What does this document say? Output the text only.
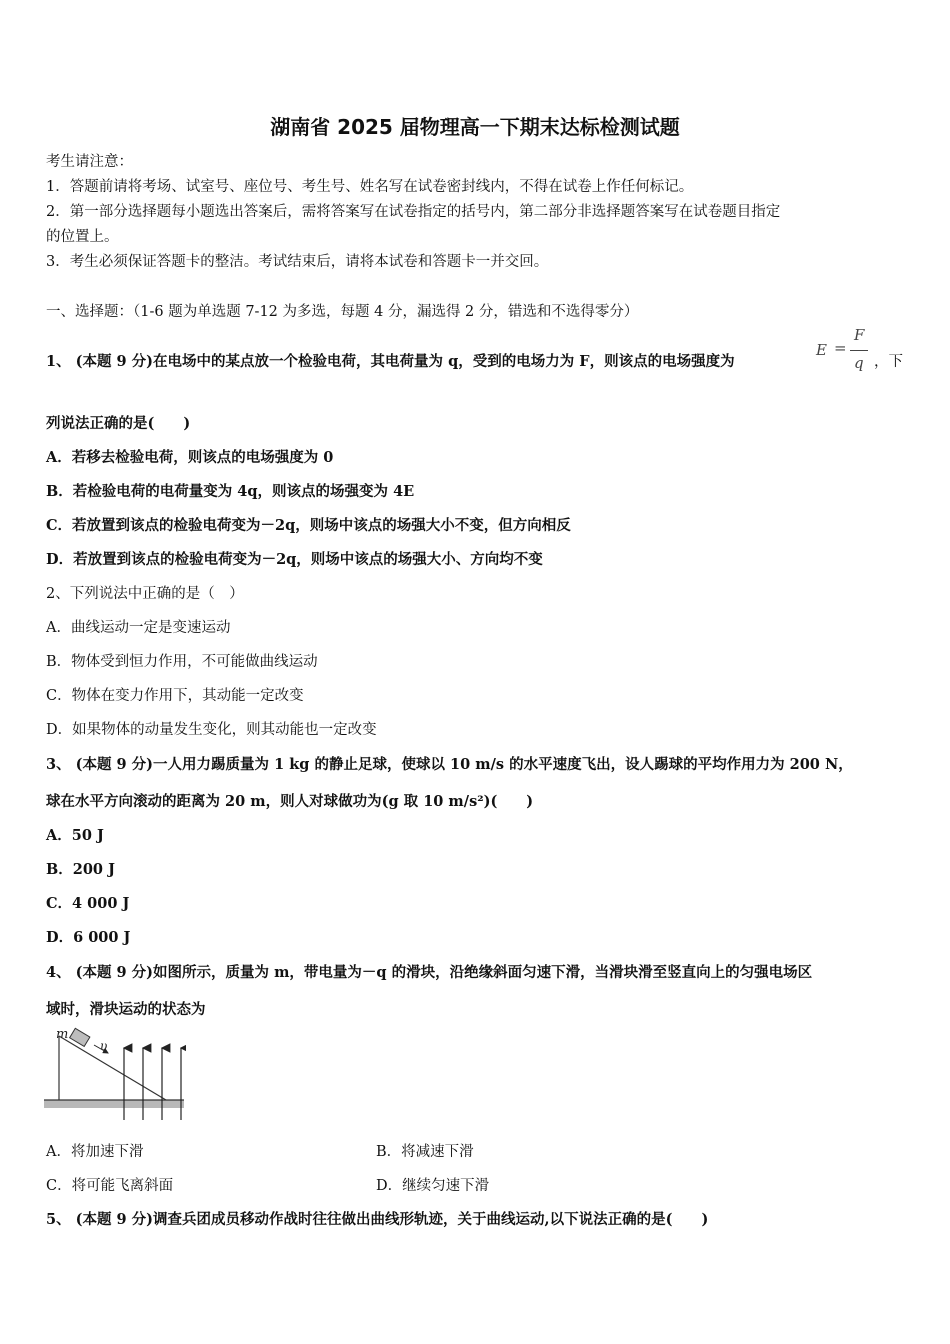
湖南省 2025 届物理高一下期末达标检测试题
考生请注意：
1．答题前请将考场、试室号、座位号、考生号、姓名写在试卷密封线内，不得在试卷上作任何标记。
2．第一部分选择题每小题选出答案后，需将答案写在试卷指定的括号内，第二部分非选择题答案写在试卷题目指定
的位置上。
3．考生必须保证答题卡的整洁。考试结束后，请将本试卷和答题卡一并交回。
一、选择题：（1-6 题为单选题 7-12 为多选，每题 4 分，漏选得 2 分，错选和不选得零分）
1、 (本题 9 分)在电场中的某点放一个检验电荷，其电荷量为 q，受到的电场力为 F，则该点的电场强度为
E =
F
q ，下
列说法正确的是(　　)
A．若移去检验电荷，则该点的电场强度为 0
B．若检验电荷的电荷量变为 4q，则该点的场强变为 4E
C．若放置到该点的检验电荷变为－2q，则场中该点的场强大小不变，但方向相反
D．若放置到该点的检验电荷变为－2q，则场中该点的场强大小、方向均不变
2、下列说法中正确的是（　）
A．曲线运动一定是变速运动
B．物体受到恒力作用，不可能做曲线运动
C．物体在变力作用下，其动能一定改变
D．如果物体的动量发生变化，则其动能也一定改变
3、 (本题 9 分)一人用力踢质量为 1 kg 的静止足球，使球以 10 m/s 的水平速度飞出，设人踢球的平均作用力为 200 N，
球在水平方向滚动的距离为 20 m，则人对球做功为(g 取 10 m/s²)(　　)
A．50 J
B．200 J
C．4 000 J
D．6 000 J
4、 (本题 9 分)如图所示，质量为 m，带电量为－q 的滑块，沿绝缘斜面匀速下滑，当滑块滑至竖直向上的匀强电场区
域时，滑块运动的状态为
m
υ
A．将加速下滑	B．将减速下滑
C．将可能飞离斜面	D．继续匀速下滑
5、 (本题 9 分)调查兵团成员移动作战时往往做出曲线形轨迹，关于曲线运动,以下说法正确的是(　　)
